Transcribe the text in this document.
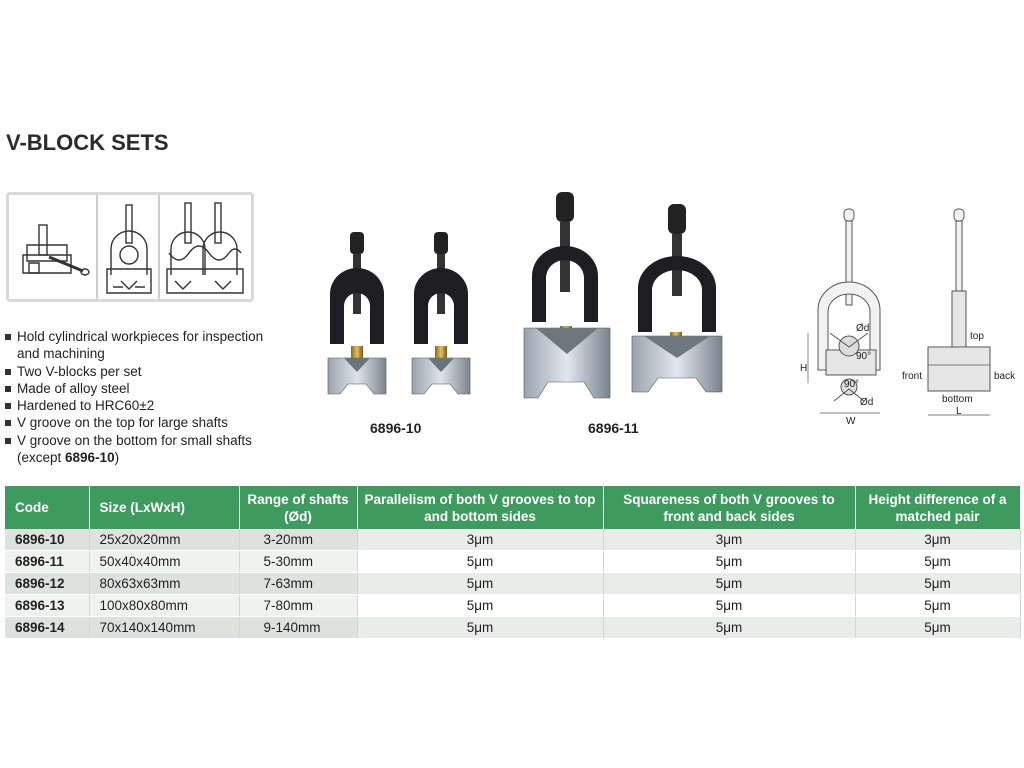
V-BLOCK SETS
Hold cylindrical workpieces for inspection and machining
Two V-blocks per set
Made of alloy steel
Hardened to HRC60±2
V groove on the top for large shafts
V groove on the bottom for small shafts (except 6896-10)
6896-10	6896-11
Ød
90°
90°
Ød
H
W
top
front	back
bottom
L
Code	Size (LxWxH)	Range of shafts (Ød)	Parallelism of both V grooves to top and bottom sides	Squareness of both V grooves to front and back sides	Height difference of a matched pair
6896-10	25x20x20mm	3-20mm	3μm	3μm	3μm
6896-11	50x40x40mm	5-30mm	5μm	5μm	5μm
6896-12	80x63x63mm	7-63mm	5μm	5μm	5μm
6896-13	100x80x80mm	7-80mm	5μm	5μm	5μm
6896-14	70x140x140mm	9-140mm	5μm	5μm	5μm
